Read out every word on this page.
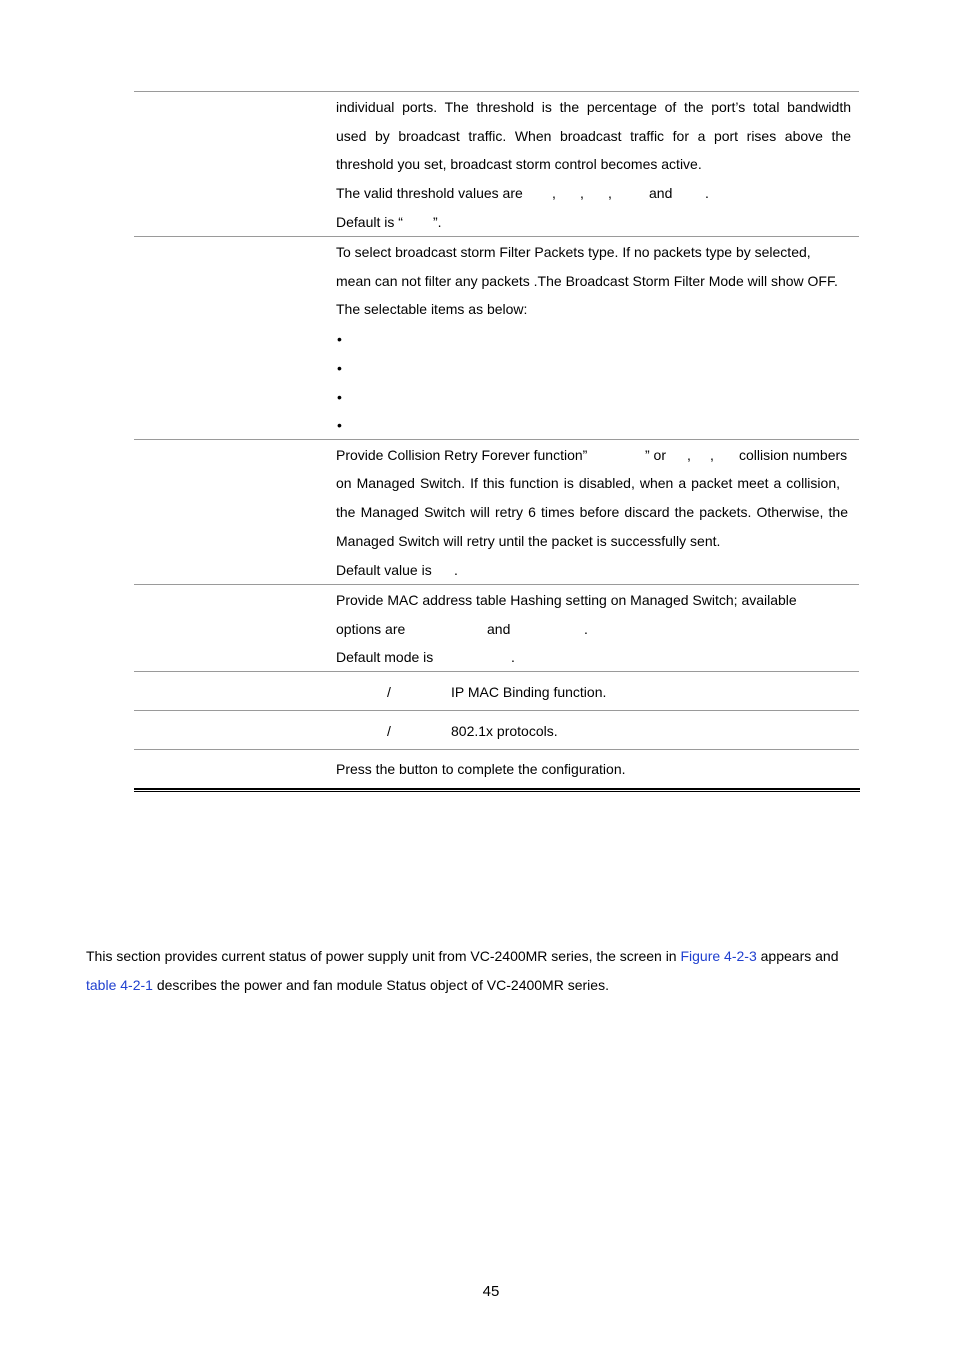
individual ports. The threshold is the percentage of the port’s total bandwidth
used by broadcast traffic. When broadcast traffic for a port rises above the
threshold you set, broadcast storm control becomes active.
The valid threshold values are , , ,	and .
Default is “ ”.
To select broadcast storm Filter Packets type. If no packets type by selected,
mean can not filter any packets .The Broadcast Storm Filter Mode will show OFF.
The selectable items as below:
•
•
•
•
Provide Collision Retry Forever function”	” or , , collision numbers
on Managed Switch. If this function is disabled, when a packet meet a collision,
the Managed Switch will retry 6 times before discard the packets. Otherwise, the
Managed Switch will retry until the packet is successfully sent.
Default value is .
Provide MAC address table Hashing setting on Managed Switch; available
options are	and	.
Default mode is	.
/	IP MAC Binding function.
/	802.1x protocols.
Press the button to complete the configuration.
This section provides current status of power supply unit from VC-2400MR series, the screen in Figure 4-2-3 appears and
table 4-2-1 describes the power and fan module Status object of VC-2400MR series.
45
